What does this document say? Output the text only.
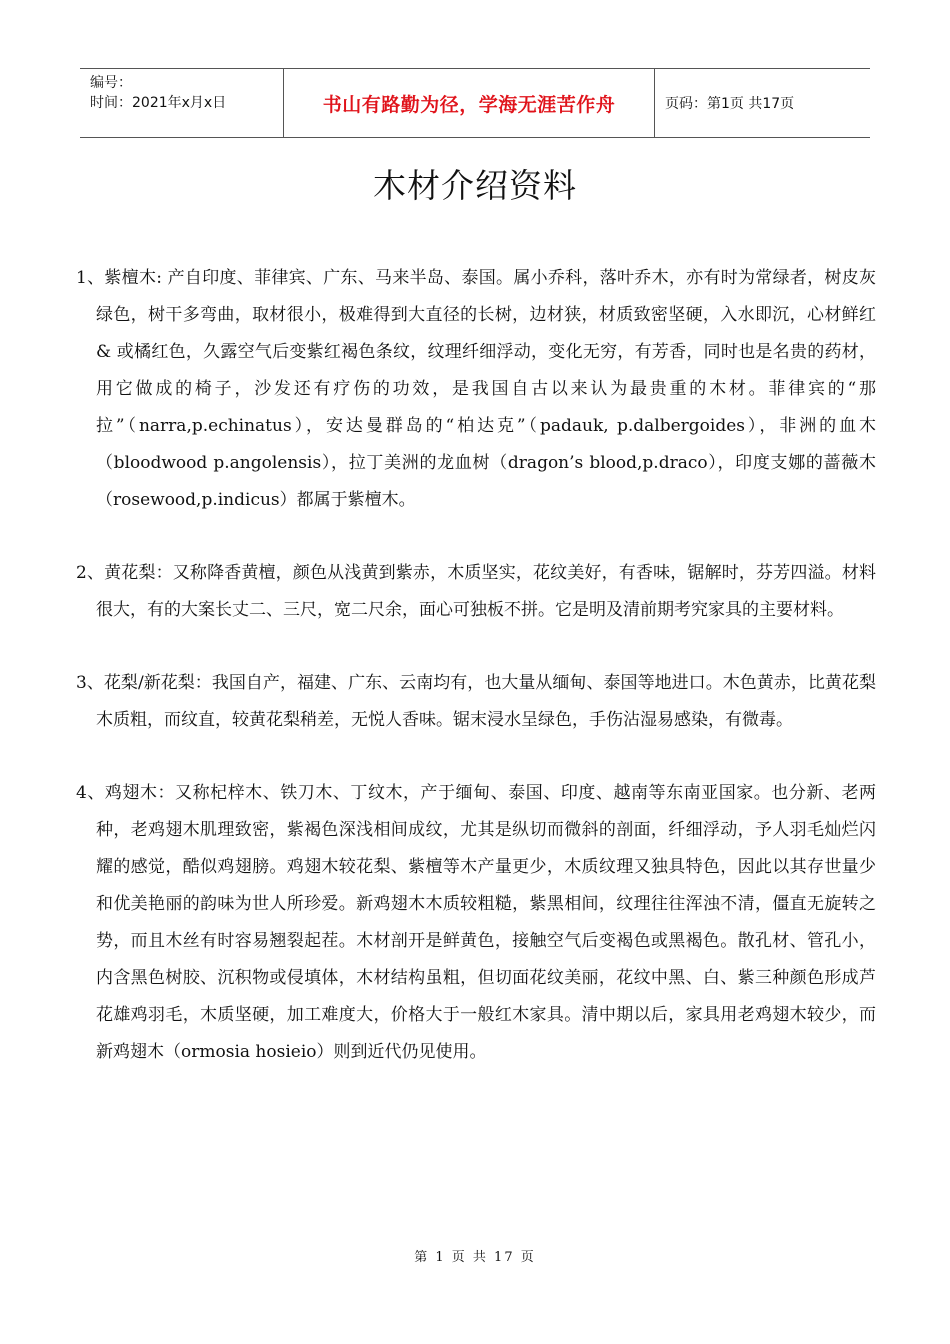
编号：
时间：2021年x月x日	书山有路勤为径，学海无涯苦作舟	页码：第1页 共17页
木材介绍资料

1、紫檀木: 产自印度、菲律宾、广东、马来半岛、泰国。属小乔科，落叶乔木，亦有时为常绿者，树皮灰绿色，树干多弯曲，取材很小，极难得到大直径的长树，边材狭，材质致密坚硬，入水即沉，心材鲜红& 或橘红色，久露空气后变紫红褐色条纹，纹理纤细浮动，变化无穷，有芳香，同时也是名贵的药材，用它做成的椅子，沙发还有疗伤的功效，是我国自古以来认为最贵重的木材。菲律宾的“那拉”（narra,p.echinatus），安达曼群岛的“柏达克”（padauk, p.dalbergoides），非洲的血木（bloodwood p.angolensis），拉丁美洲的龙血树（dragon’s blood,p.draco），印度支娜的蔷薇木（rosewood,p.indicus）都属于紫檀木。

2、黄花梨：又称降香黄檀，颜色从浅黄到紫赤，木质坚实，花纹美好，有香味，锯解时，芬芳四溢。材料很大，有的大案长丈二、三尺，宽二尺余，面心可独板不拼。它是明及清前期考究家具的主要材料。

3、花梨/新花梨：我国自产，福建、广东、云南均有，也大量从缅甸、泰国等地进口。木色黄赤，比黄花梨木质粗，而纹直，较黄花梨稍差，无悦人香味。锯末浸水呈绿色，手伤沾湿易感染，有微毒。

4、鸡翅木：又称杞梓木、铁刀木、丁纹木，产于缅甸、泰国、印度、越南等东南亚国家。也分新、老两种，老鸡翅木肌理致密，紫褐色深浅相间成纹，尤其是纵切而微斜的剖面，纤细浮动，予人羽毛灿烂闪耀的感觉，酷似鸡翅膀。鸡翅木较花梨、紫檀等木产量更少，木质纹理又独具特色，因此以其存世量少和优美艳丽的韵味为世人所珍爱。新鸡翅木木质较粗糙，紫黑相间，纹理往往浑浊不清，僵直无旋转之势，而且木丝有时容易翘裂起茬。木材剖开是鲜黄色，接触空气后变褐色或黑褐色。散孔材、管孔小，内含黑色树胶、沉积物或侵填体，木材结构虽粗，但切面花纹美丽，花纹中黑、白、紫三种颜色形成芦花雄鸡羽毛，木质坚硬，加工难度大，价格大于一般红木家具。清中期以后，家具用老鸡翅木较少，而新鸡翅木（ormosia hosieio）则到近代仍见使用。

第 1 页 共 17 页
